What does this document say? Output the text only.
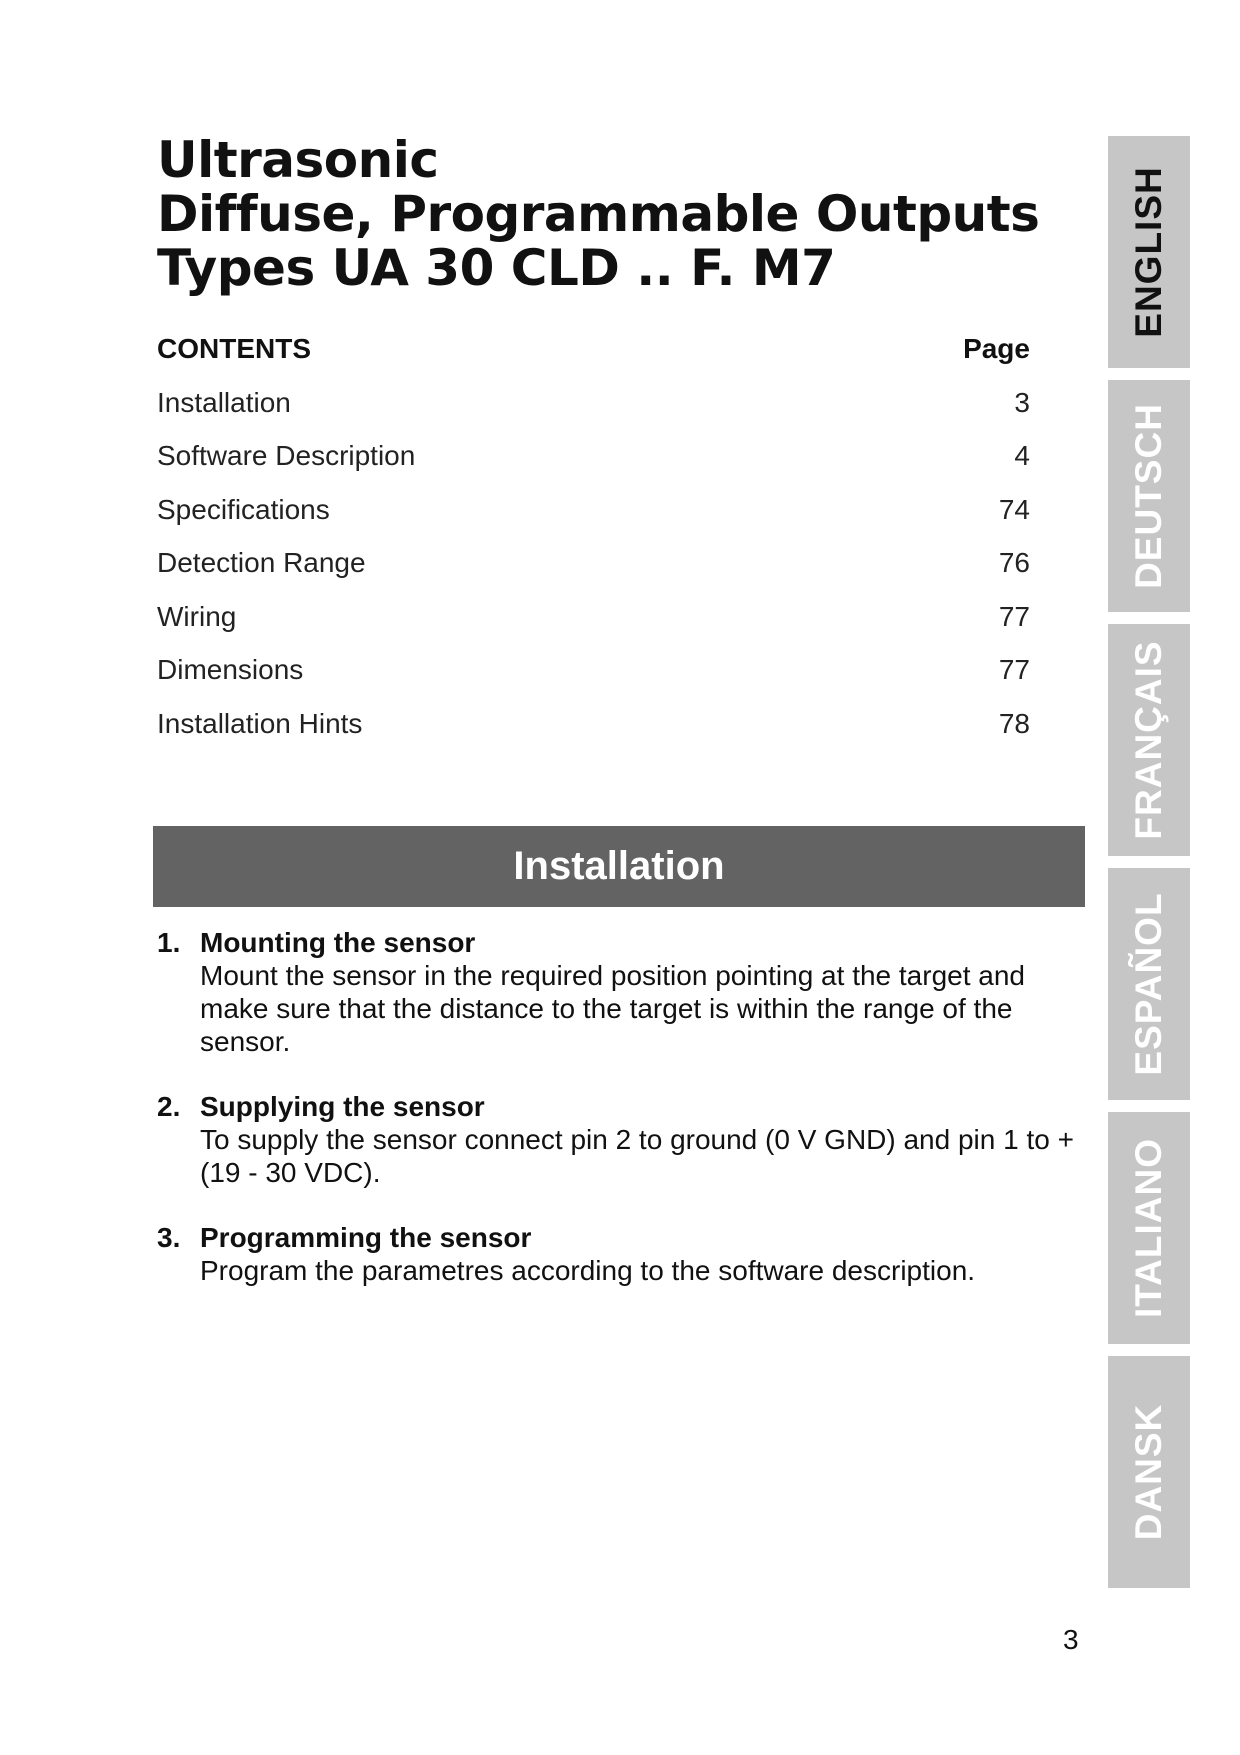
Ultrasonic
Diffuse, Programmable Outputs
Types UA 30 CLD .. F. M7
CONTENTS	Page
Installation	3
Software Description	4
Specifications	74
Detection Range	76
Wiring	77
Dimensions	77
Installation Hints	78
Installation
1. Mounting the sensor
Mount the sensor in the required position pointing at the target and make sure that the distance to the target is within the range of the sensor.
2. Supplying the sensor
To supply the sensor connect pin 2 to ground (0 V GND) and pin 1 to + (19 - 30 VDC).
3. Programming the sensor
Program the parametres according to the software description.
ENGLISH
DEUTSCH
FRANÇAIS
ESPAÑOL
ITALIANO
DANSK
3
